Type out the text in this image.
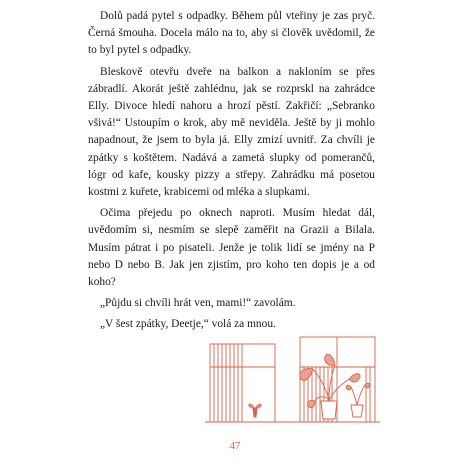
Dolů padá pytel s odpadky. Během půl vteřiny je zas pryč. Černá šmouha. Docela málo na to, aby si člověk uvědomil, že to byl pytel s odpadky.

Bleskově otevřu dveře na balkon a nakloním se přes zábradlí. Akorát ještě zahlédnu, jak se rozprskl na zahrádce Elly. Divoce hledí nahoru a hrozí pěstí. Zakřičí: „Sebranko všivá!“ Ustoupím o krok, aby mě neviděla. Ještě by ji mohlo napadnout, že jsem to byla já. Elly zmizí uvnitř. Za chvíli je zpátky s koštětem. Nadává a zametá slupky od pomerančů, lógr od kafe, kousky pizzy a střepy. Zahrádku má posetou kostmi z kuřete, krabicemi od mléka a slupkami.

Očima přejedu po oknech naproti. Musím hledat dál, uvědomím si, nesmím se slepě zaměřit na Grazii a Bilala. Musím pátrat i po pisateli. Jenže je tolik lidí se jmény na P nebo D nebo B. Jak jen zjistím, pro koho ten dopis je a od koho?

„Půjdu si chvíli hrát ven, mami!“ zavolám.

„V šest zpátky, Deetje,“ volá za mnou.

47
